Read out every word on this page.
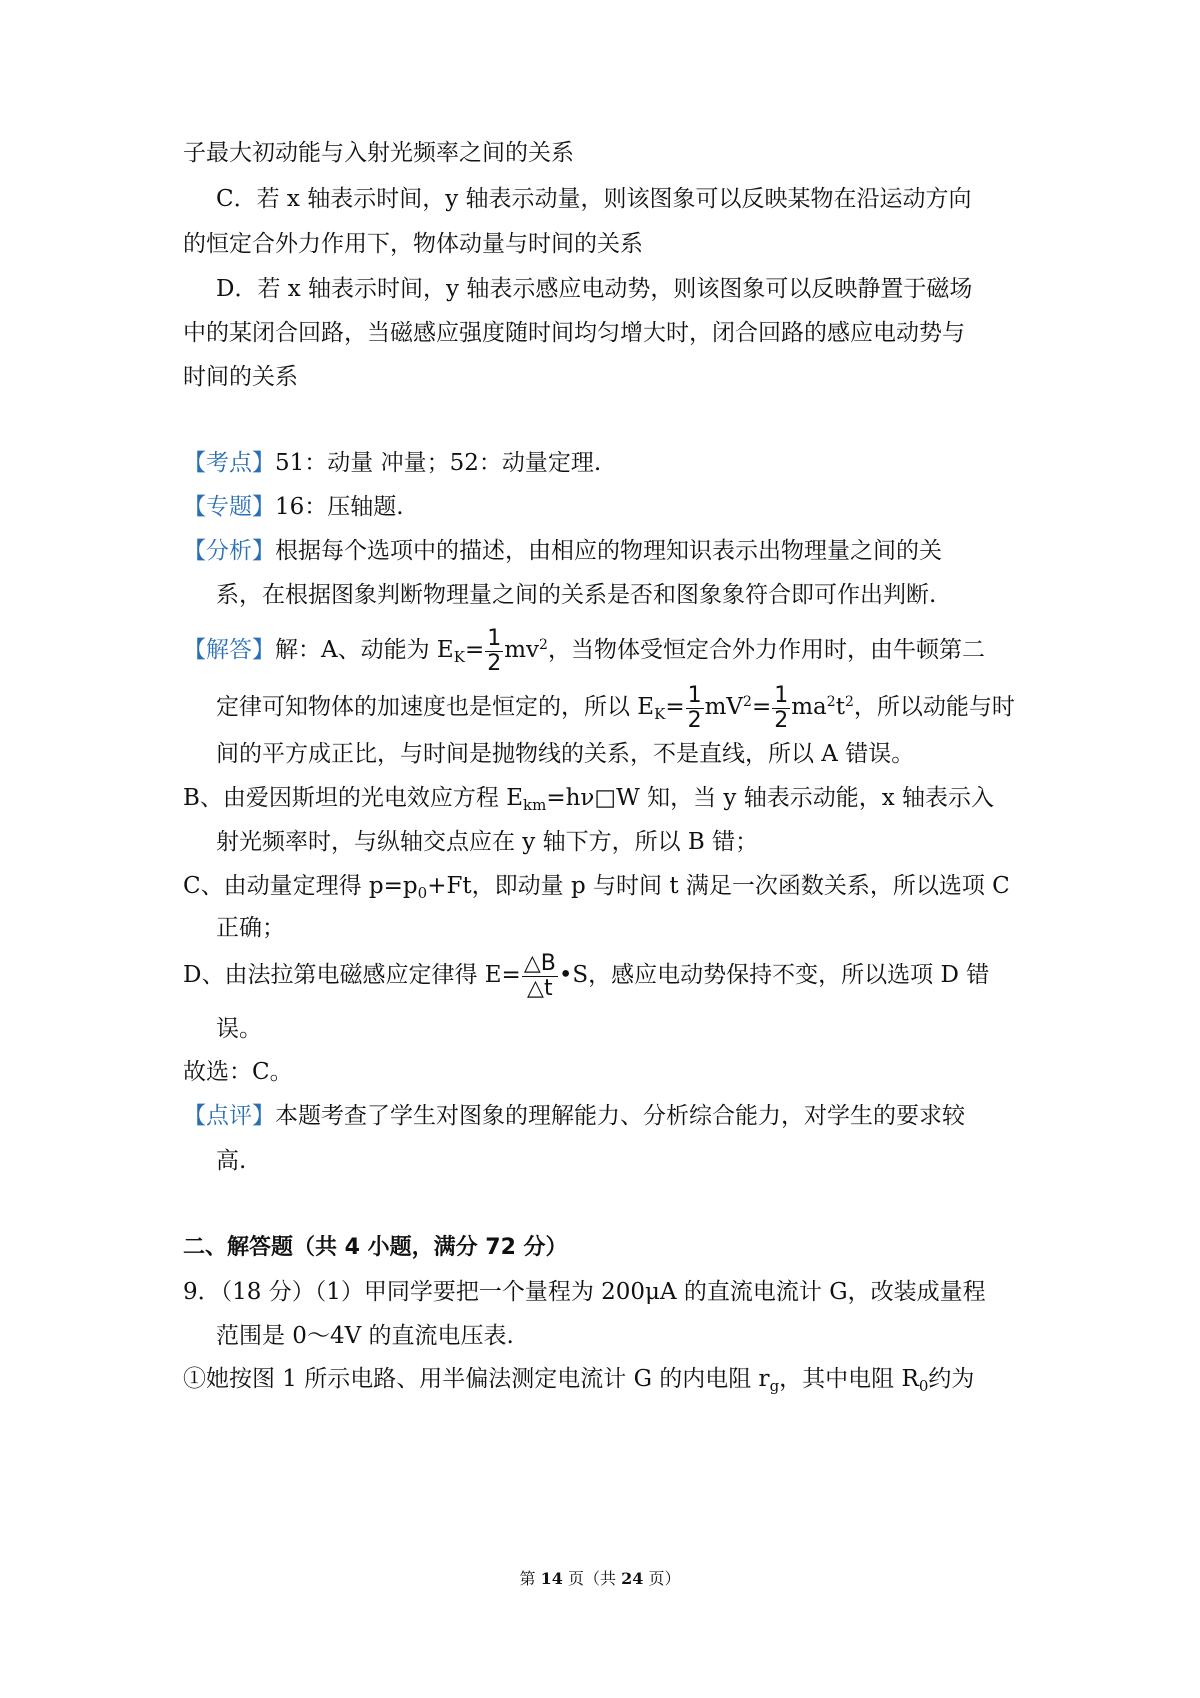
子最大初动能与入射光频率之间的关系
C．若 x 轴表示时间，y 轴表示动量，则该图象可以反映某物在沿运动方向
的恒定合外力作用下，物体动量与时间的关系
D．若 x 轴表示时间，y 轴表示感应电动势，则该图象可以反映静置于磁场
中的某闭合回路，当磁感应强度随时间均匀增大时，闭合回路的感应电动势与
时间的关系
【考点】51：动量 冲量；52：动量定理.
【专题】16：压轴题.
【分析】根据每个选项中的描述，由相应的物理知识表示出物理量之间的关
系，在根据图象判断物理量之间的关系是否和图象象符合即可作出判断.
【解答】解：A、动能为 $E_K= \frac{1}{2} mv^2$，当物体受恒定合外力作用时，由牛顿第二
定律可知物体的加速度也是恒定的，所以 $E_K= \frac{1}{2} mV^2= \frac{1}{2} ma^2t^2$，所以动能与时
间的平方成正比，与时间是抛物线的关系，不是直线，所以 A 错误。
B、由爱因斯坦的光电效应方程 $E_{km}=h\nu□W$ 知，当 y 轴表示动能，x 轴表示入
射光频率时，与纵轴交点应在 y 轴下方，所以 B 错；
C、由动量定理得 $p=p_0+Ft$，即动量 p 与时间 t 满足一次函数关系，所以选项 C
正确；
D、由法拉第电磁感应定律得 $E= \frac{\triangle B}{\triangle t}$ •S，感应电动势保持不变，所以选项 D 错
误。
故选：C。
【点评】本题考查了学生对图象的理解能力、分析综合能力，对学生的要求较
高.
二、解答题（共 4 小题，满分 72 分）
9．（18 分）（1）甲同学要把一个量程为 200μA 的直流电流计 G，改装成量程
范围是 0～4V 的直流电压表.
①她按图 1 所示电路、用半偏法测定电流计 G 的内电阻 $r_g$，其中电阻 $R_0$约为
第 14 页（共 24 页）
